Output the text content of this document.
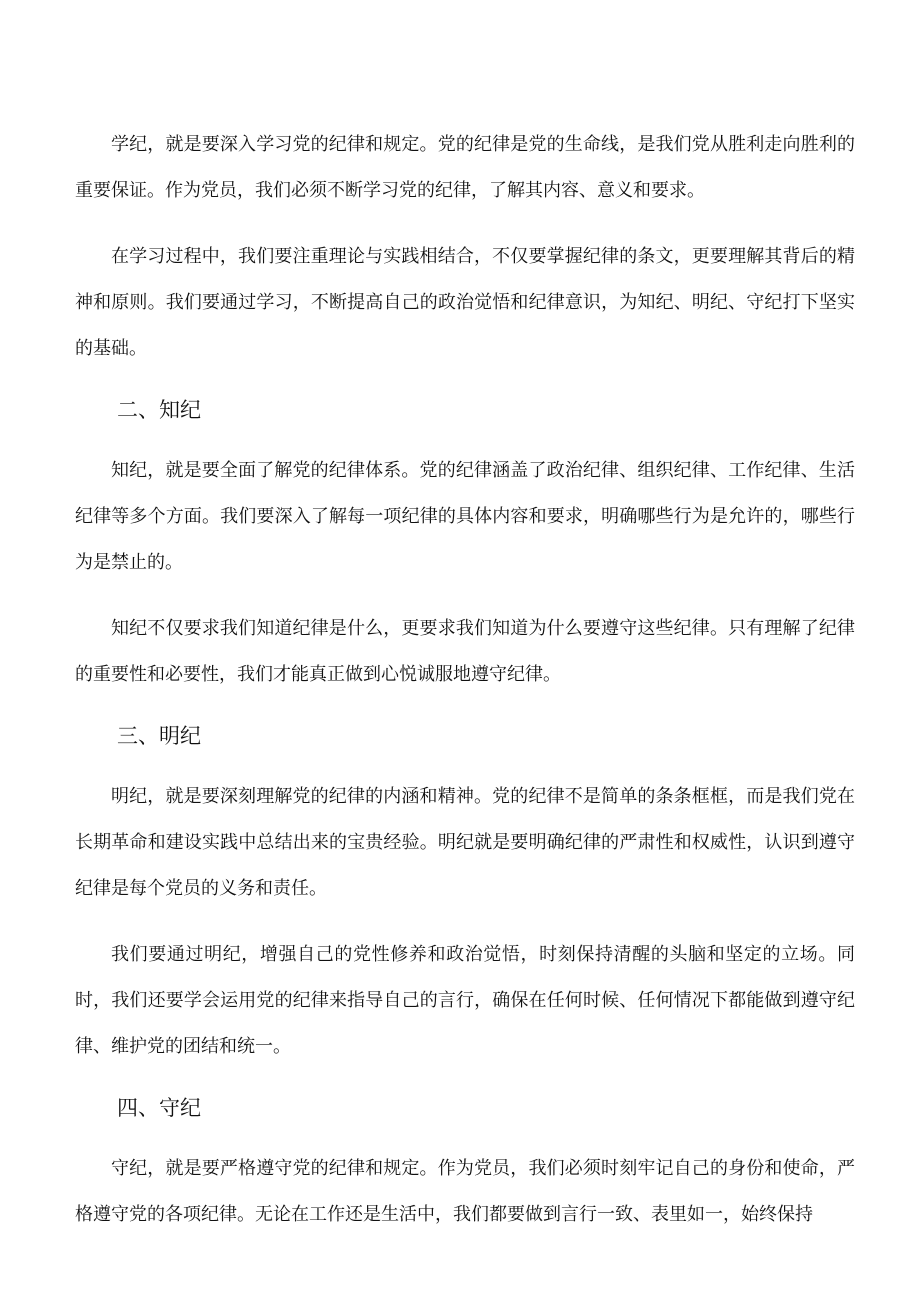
学纪，就是要深入学习党的纪律和规定。党的纪律是党的生命线，是我们党从胜利走向胜利的重要保证。作为党员，我们必须不断学习党的纪律，了解其内容、意义和要求。

在学习过程中，我们要注重理论与实践相结合，不仅要掌握纪律的条文，更要理解其背后的精神和原则。我们要通过学习，不断提高自己的政治觉悟和纪律意识，为知纪、明纪、守纪打下坚实的基础。

二、知纪

知纪，就是要全面了解党的纪律体系。党的纪律涵盖了政治纪律、组织纪律、工作纪律、生活纪律等多个方面。我们要深入了解每一项纪律的具体内容和要求，明确哪些行为是允许的，哪些行为是禁止的。

知纪不仅要求我们知道纪律是什么，更要求我们知道为什么要遵守这些纪律。只有理解了纪律的重要性和必要性，我们才能真正做到心悦诚服地遵守纪律。

三、明纪

明纪，就是要深刻理解党的纪律的内涵和精神。党的纪律不是简单的条条框框，而是我们党在长期革命和建设实践中总结出来的宝贵经验。明纪就是要明确纪律的严肃性和权威性，认识到遵守纪律是每个党员的义务和责任。

我们要通过明纪，增强自己的党性修养和政治觉悟，时刻保持清醒的头脑和坚定的立场。同时，我们还要学会运用党的纪律来指导自己的言行，确保在任何时候、任何情况下都能做到遵守纪律、维护党的团结和统一。

四、守纪

守纪，就是要严格遵守党的纪律和规定。作为党员，我们必须时刻牢记自己的身份和使命，严格遵守党的各项纪律。无论在工作还是生活中，我们都要做到言行一致、表里如一，始终保持
